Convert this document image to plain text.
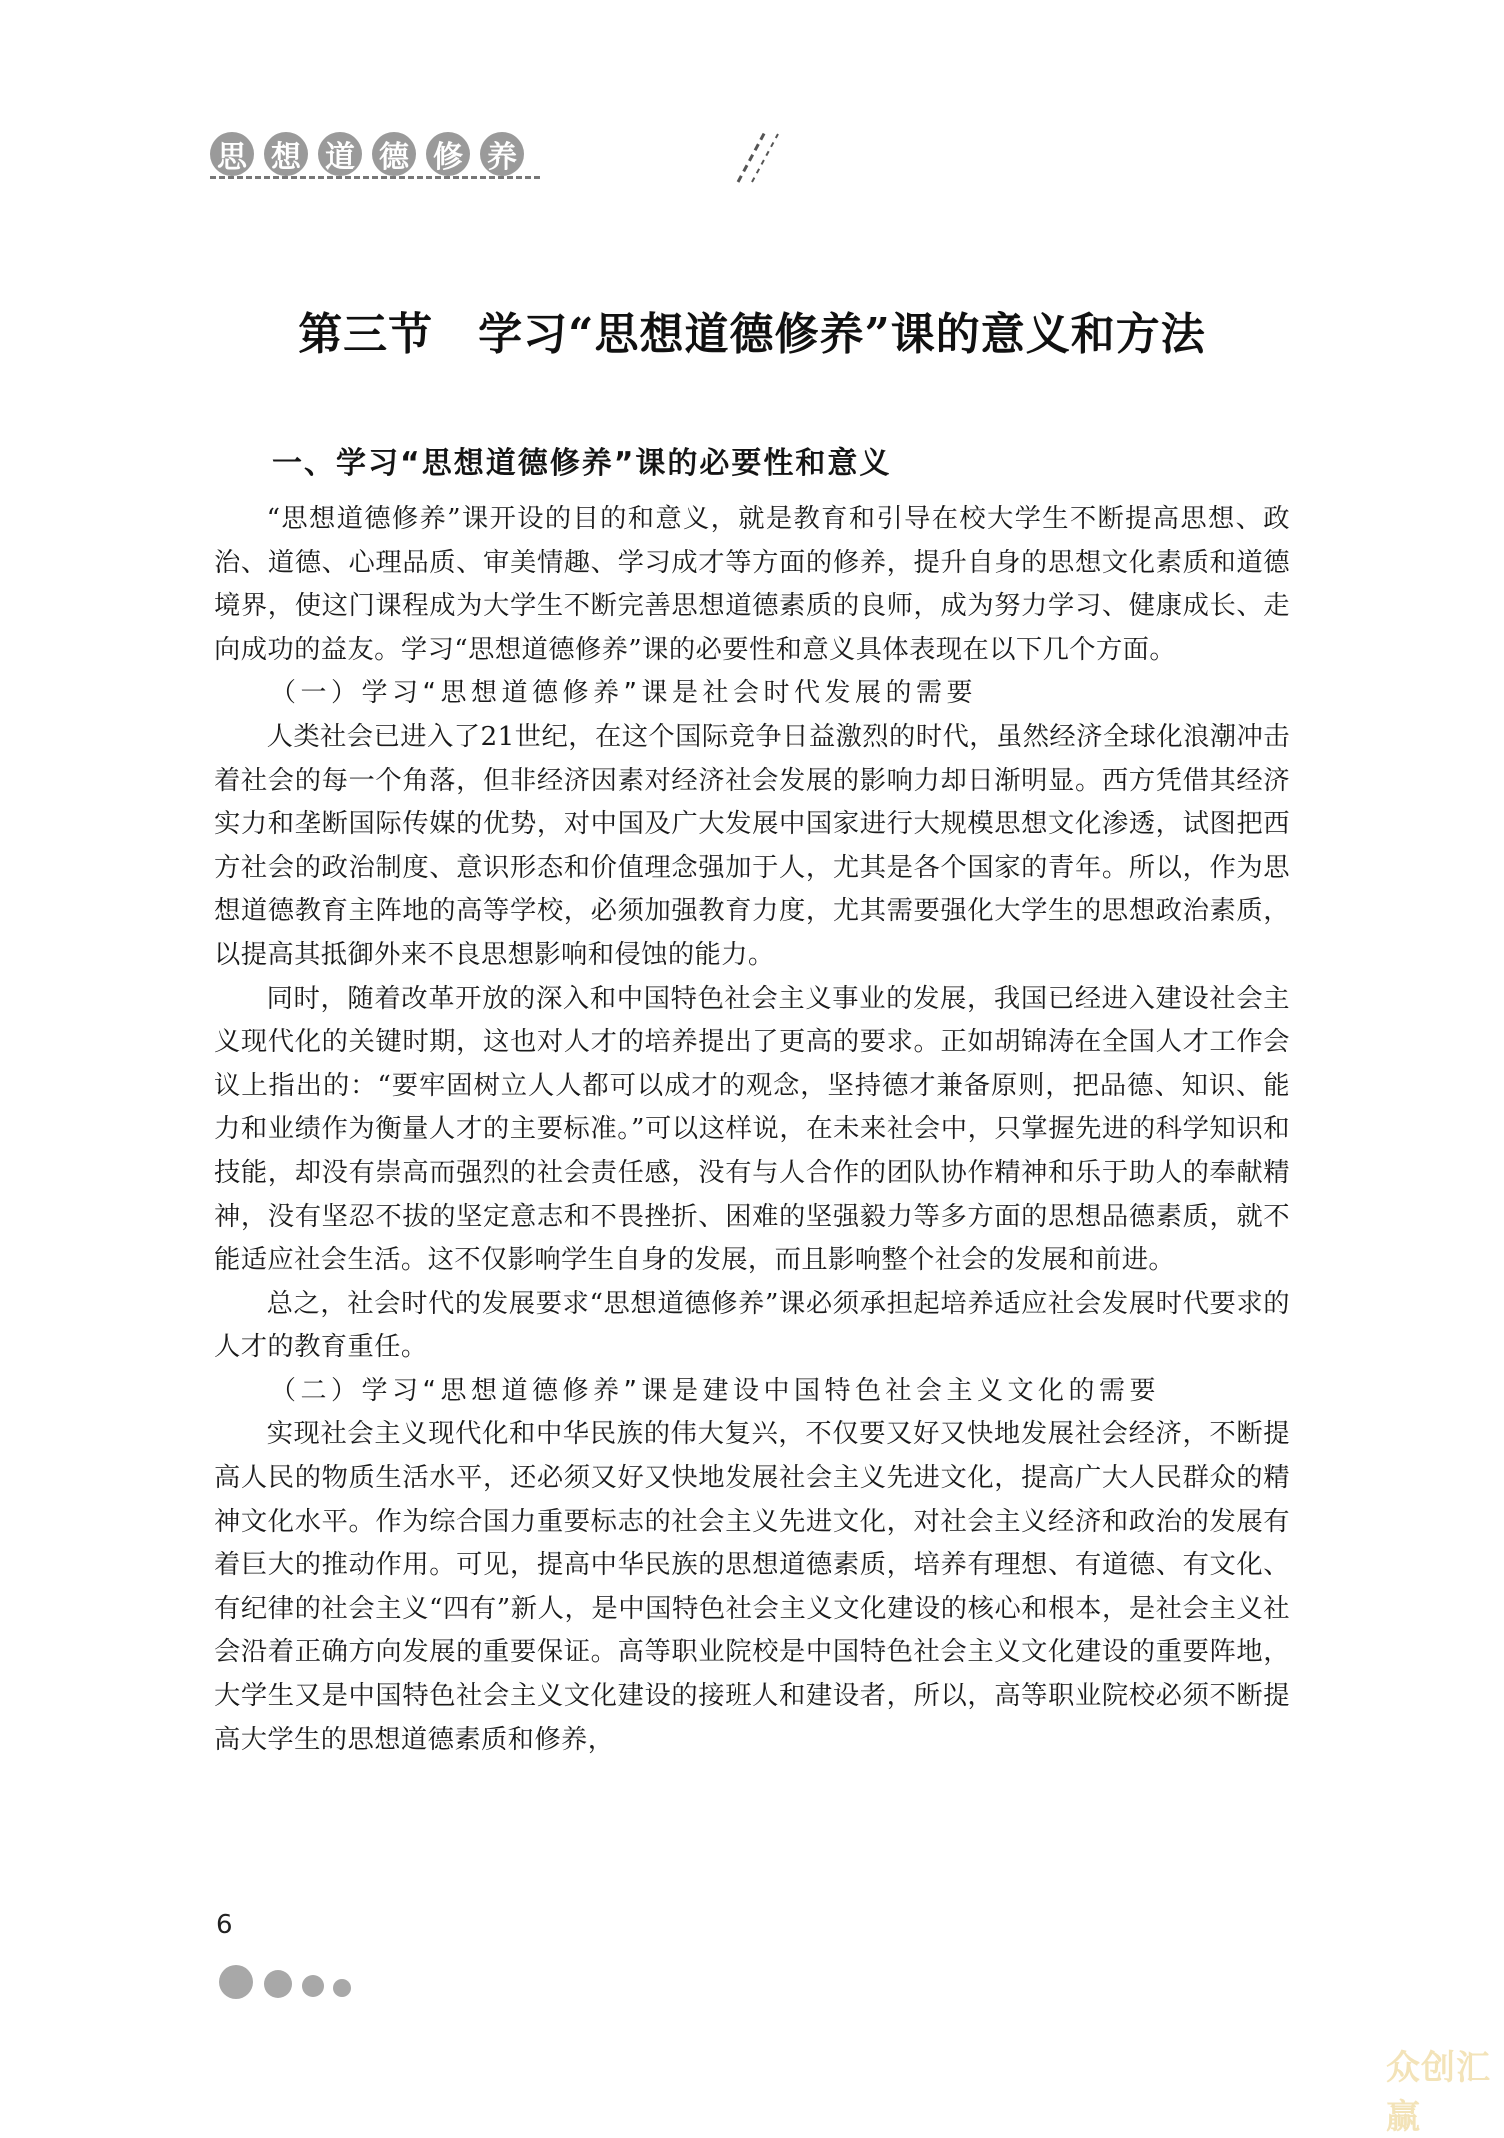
思 想 道 德 修 养
第三节　学习“思想道德修养”课的意义和方法
一、学习“思想道德修养”课的必要性和意义

“思想道德修养”课开设的目的和意义，就是教育和引导在校大学生不断提高思想、政治、道德、心理品质、审美情趣、学习成才等方面的修养，提升自身的思想文化素质和道德境界，使这门课程成为大学生不断完善思想道德素质的良师，成为努力学习、健康成长、走向成功的益友。学习“思想道德修养”课的必要性和意义具体表现在以下几个方面。

（一）学习“思想道德修养”课是社会时代发展的需要

人类社会已进入了21世纪，在这个国际竞争日益激烈的时代，虽然经济全球化浪潮冲击着社会的每一个角落，但非经济因素对经济社会发展的影响力却日渐明显。西方凭借其经济实力和垄断国际传媒的优势，对中国及广大发展中国家进行大规模思想文化渗透，试图把西方社会的政治制度、意识形态和价值理念强加于人，尤其是各个国家的青年。所以，作为思想道德教育主阵地的高等学校，必须加强教育力度，尤其需要强化大学生的思想政治素质，以提高其抵御外来不良思想影响和侵蚀的能力。

同时，随着改革开放的深入和中国特色社会主义事业的发展，我国已经进入建设社会主义现代化的关键时期，这也对人才的培养提出了更高的要求。正如胡锦涛在全国人才工作会议上指出的：“要牢固树立人人都可以成才的观念，坚持德才兼备原则，把品德、知识、能力和业绩作为衡量人才的主要标准。”可以这样说，在未来社会中，只掌握先进的科学知识和技能，却没有崇高而强烈的社会责任感，没有与人合作的团队协作精神和乐于助人的奉献精神，没有坚忍不拔的坚定意志和不畏挫折、困难的坚强毅力等多方面的思想品德素质，就不能适应社会生活。这不仅影响学生自身的发展，而且影响整个社会的发展和前进。

总之，社会时代的发展要求“思想道德修养”课必须承担起培养适应社会发展时代要求的人才的教育重任。

（二）学习“思想道德修养”课是建设中国特色社会主义文化的需要

实现社会主义现代化和中华民族的伟大复兴，不仅要又好又快地发展社会经济，不断提高人民的物质生活水平，还必须又好又快地发展社会主义先进文化，提高广大人民群众的精神文化水平。作为综合国力重要标志的社会主义先进文化，对社会主义经济和政治的发展有着巨大的推动作用。可见，提高中华民族的思想道德素质，培养有理想、有道德、有文化、有纪律的社会主义“四有”新人，是中国特色社会主义文化建设的核心和根本，是社会主义社会沿着正确方向发展的重要保证。高等职业院校是中国特色社会主义文化建设的重要阵地，大学生又是中国特色社会主义文化建设的接班人和建设者，所以，高等职业院校必须不断提高大学生的思想道德素质和修养，

6
众创汇赢
